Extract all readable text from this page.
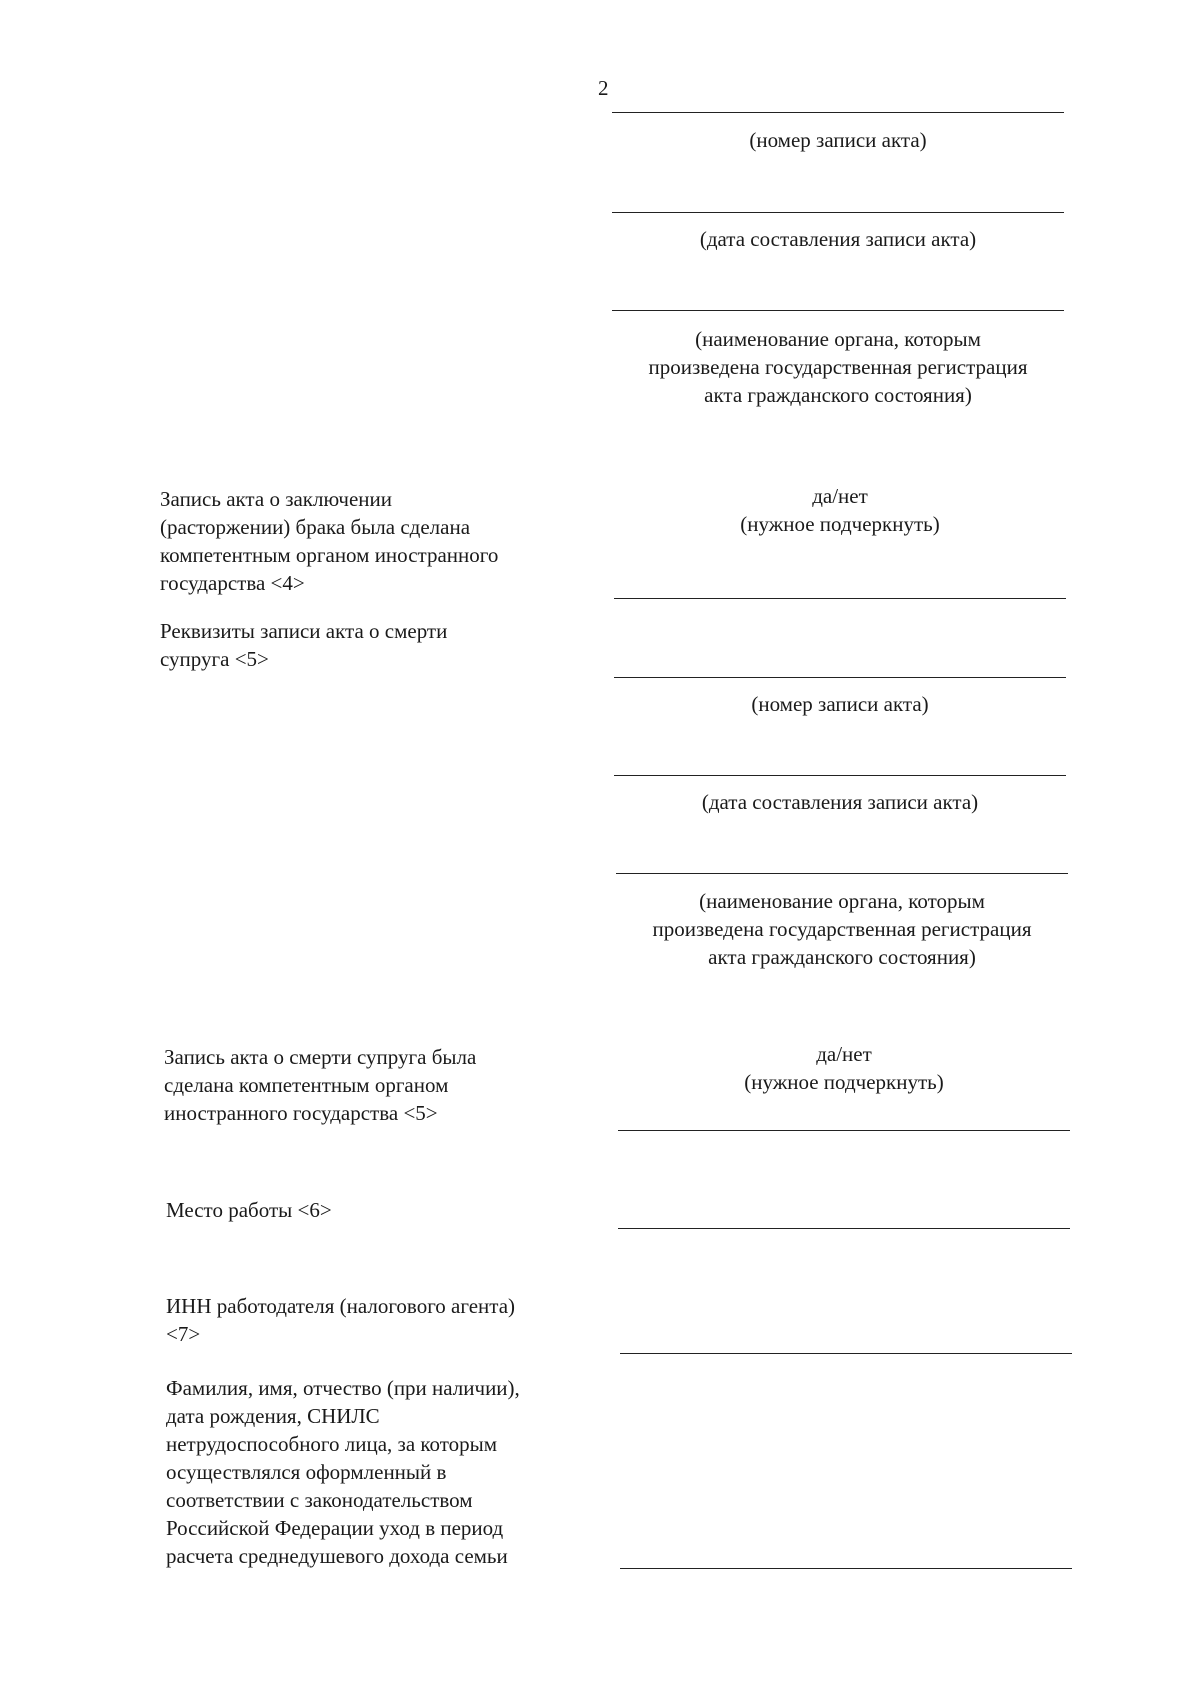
2
(номер записи акта)
(дата составления записи акта)
(наименование органа, которым
произведена государственная регистрация
акта гражданского состояния)
Запись акта о заключении
(расторжении) брака была сделана
компетентным органом иностранного
государства <4>
да/нет
(нужное подчеркнуть)
Реквизиты записи акта о смерти
супруга <5>
(номер записи акта)
(дата составления записи акта)
(наименование органа, которым
произведена государственная регистрация
акта гражданского состояния)
Запись акта о смерти супруга была
сделана компетентным органом
иностранного государства <5>
да/нет
(нужное подчеркнуть)
Место работы <6>
ИНН работодателя (налогового агента)
<7>
Фамилия, имя, отчество (при наличии),
дата рождения, СНИЛС
нетрудоспособного лица, за которым
осуществлялся оформленный в
соответствии с законодательством
Российской Федерации уход в период
расчета среднедушевого дохода семьи
